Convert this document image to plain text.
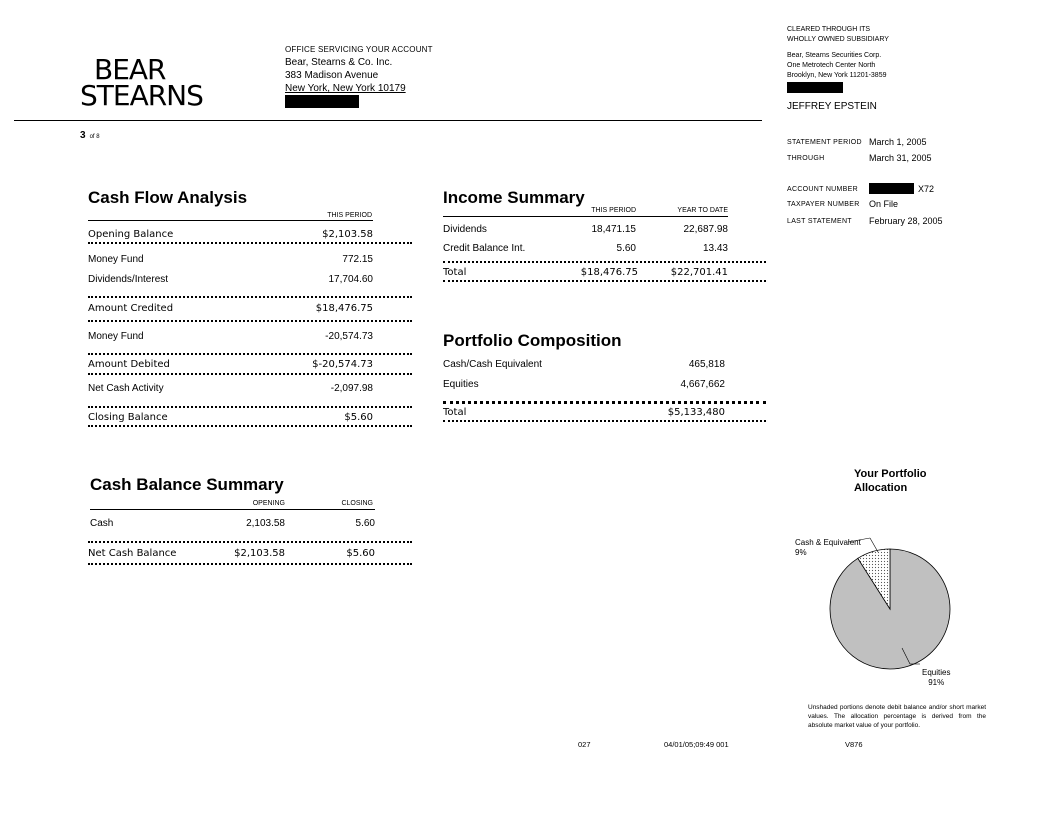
BEAR
STEARNS
OFFICE SERVICING YOUR ACCOUNT
Bear, Stearns & Co. Inc.
383 Madison Avenue
New York, New York 10179
3 of 8
CLEARED THROUGH ITS
WHOLLY OWNED SUBSIDIARY
Bear, Stearns Securities Corp.
One Metrotech Center North
Brooklyn, New York 11201-3859
JEFFREY EPSTEIN
STATEMENT PERIOD March 1, 2005
THROUGH	March 31, 2005
ACCOUNT NUMBER	X72
TAXPAYER NUMBER On File
LAST STATEMENT February 28, 2005
Cash Flow Analysis
THIS PERIOD
Opening Balance	$2,103.58
Money Fund	772.15
Dividends/Interest	17,704.60
Amount Credited	$18,476.75
Money Fund	-20,574.73
Amount Debited	$-20,574.73
Net Cash Activity	-2,097.98
Closing Balance	$5.60
Income Summary
THIS PERIOD	YEAR TO DATE
Dividends	18,471.15	22,687.98
Credit Balance Int.	5.60	13.43
Total	$18,476.75	$22,701.41
Portfolio Composition
Cash/Cash Equivalent	465,818
Equities	4,667,662
Total	$5,133,480
Cash Balance Summary
OPENING	CLOSING
Cash	2,103.58	5.60
Net Cash Balance	$2,103.58	$5.60
Your Portfolio
Allocation
Cash & Equivalent
9%
Equities
91%
Unshaded portions denote debit balance and/or short market values. The allocation percentage is derived from the absolute market value of your portfolio.
027	04/01/05;09:49 001	V876
